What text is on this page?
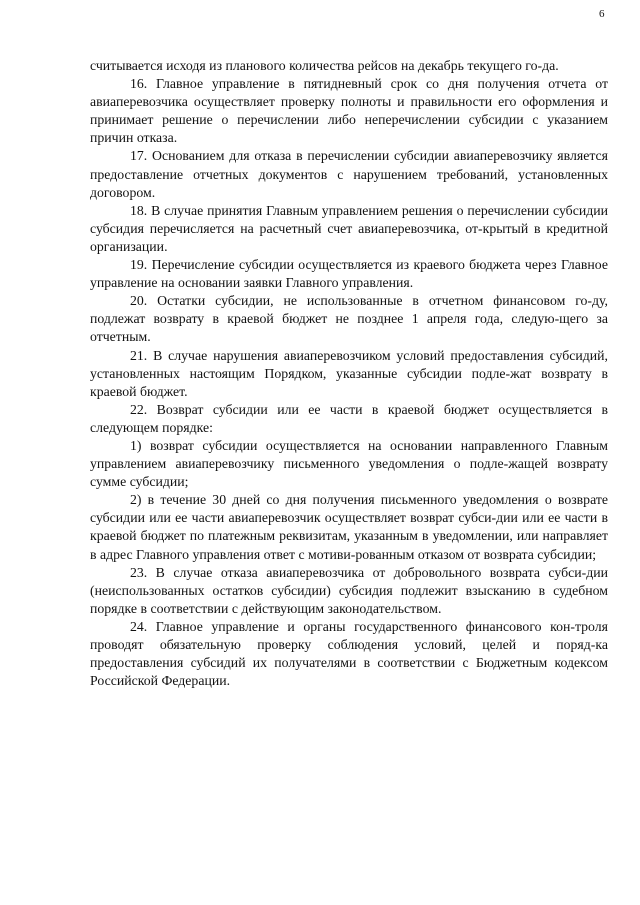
6

считывается исходя из планового количества рейсов на декабрь текущего го-да.

16. Главное управление в пятидневный срок со дня получения отчета от авиаперевозчика осуществляет проверку полноты и правильности его оформления и принимает решение о перечислении либо неперечислении субсидии с указанием причин отказа.

17. Основанием для отказа в перечислении субсидии авиаперевозчику является предоставление отчетных документов с нарушением требований, установленных договором.

18. В случае принятия Главным управлением решения о перечислении субсидии субсидия перечисляется на расчетный счет авиаперевозчика, от-крытый в кредитной организации.

19. Перечисление субсидии осуществляется из краевого бюджета через Главное управление на основании заявки Главного управления.

20. Остатки субсидии, не использованные в отчетном финансовом го-ду, подлежат возврату в краевой бюджет не позднее 1 апреля года, следую-щего за отчетным.

21. В случае нарушения авиаперевозчиком условий предоставления субсидий, установленных настоящим Порядком, указанные субсидии подле-жат возврату в краевой бюджет.

22. Возврат субсидии или ее части в краевой бюджет осуществляется в следующем порядке:

1) возврат субсидии осуществляется на основании направленного Главным управлением авиаперевозчику письменного уведомления о подле-жащей возврату сумме субсидии;

2) в течение 30 дней со дня получения письменного уведомления о возврате субсидии или ее части авиаперевозчик осуществляет возврат субси-дии или ее части в краевой бюджет по платежным реквизитам, указанным в уведомлении, или направляет в адрес Главного управления ответ с мотиви-рованным отказом от возврата субсидии;

23. В случае отказа авиаперевозчика от добровольного возврата субси-дии (неиспользованных остатков субсидии) субсидия подлежит взысканию в судебном порядке в соответствии с действующим законодательством.

24. Главное управление и органы государственного финансового кон-троля проводят обязательную проверку соблюдения условий, целей и поряд-ка предоставления субсидий их получателями в соответствии с Бюджетным кодексом Российской Федерации.
